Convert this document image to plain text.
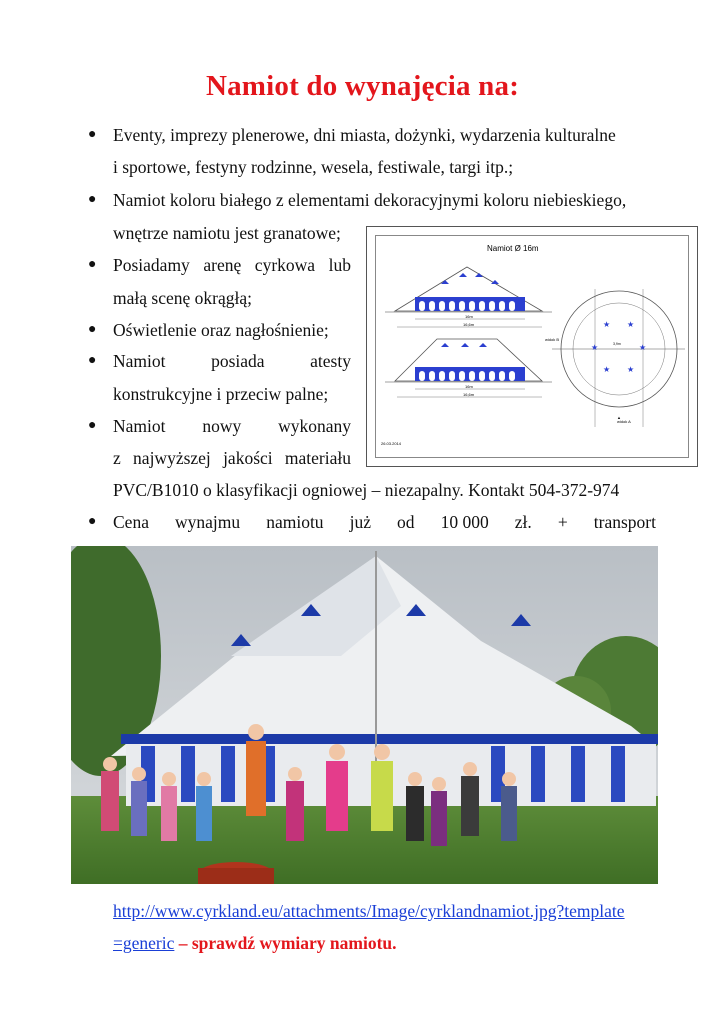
Namiot do wynajęcia na:
● Eventy, imprezy plenerowe, dni miasta, dożynki, wydarzenia kulturalne
i sportowe, festyny rodzinne, wesela, festiwale, targi itp.;
● Namiot koloru białego z elementami dekoracyjnymi koloru niebieskiego,
wnętrze namiotu jest granatowe;
● Posiadamy arenę cyrkowa lub
małą scenę okrągłą;
● Oświetlenie oraz nagłośnienie;
● Namiot	posiada	atesty
konstrukcyjne i przeciw palne;
● Namiot nowy wykonany
z najwyższej jakości materiału
PVC/B1010 o klasyfikacji ogniowej – niezapalny. Kontakt 504-372-974
● Cena wynajmu namiotu już od 10 000 zł. + transport
Namiot Ø 16m
16m
16,6m
16m
16,6m
★ ★
★	★
★ ★
widok B
3,9m
widok A
▲
26.03.2014
http://www.cyrkland.eu/attachments/Image/cyrklandnamiot.jpg?template
=generic – sprawdź wymiary namiotu.
